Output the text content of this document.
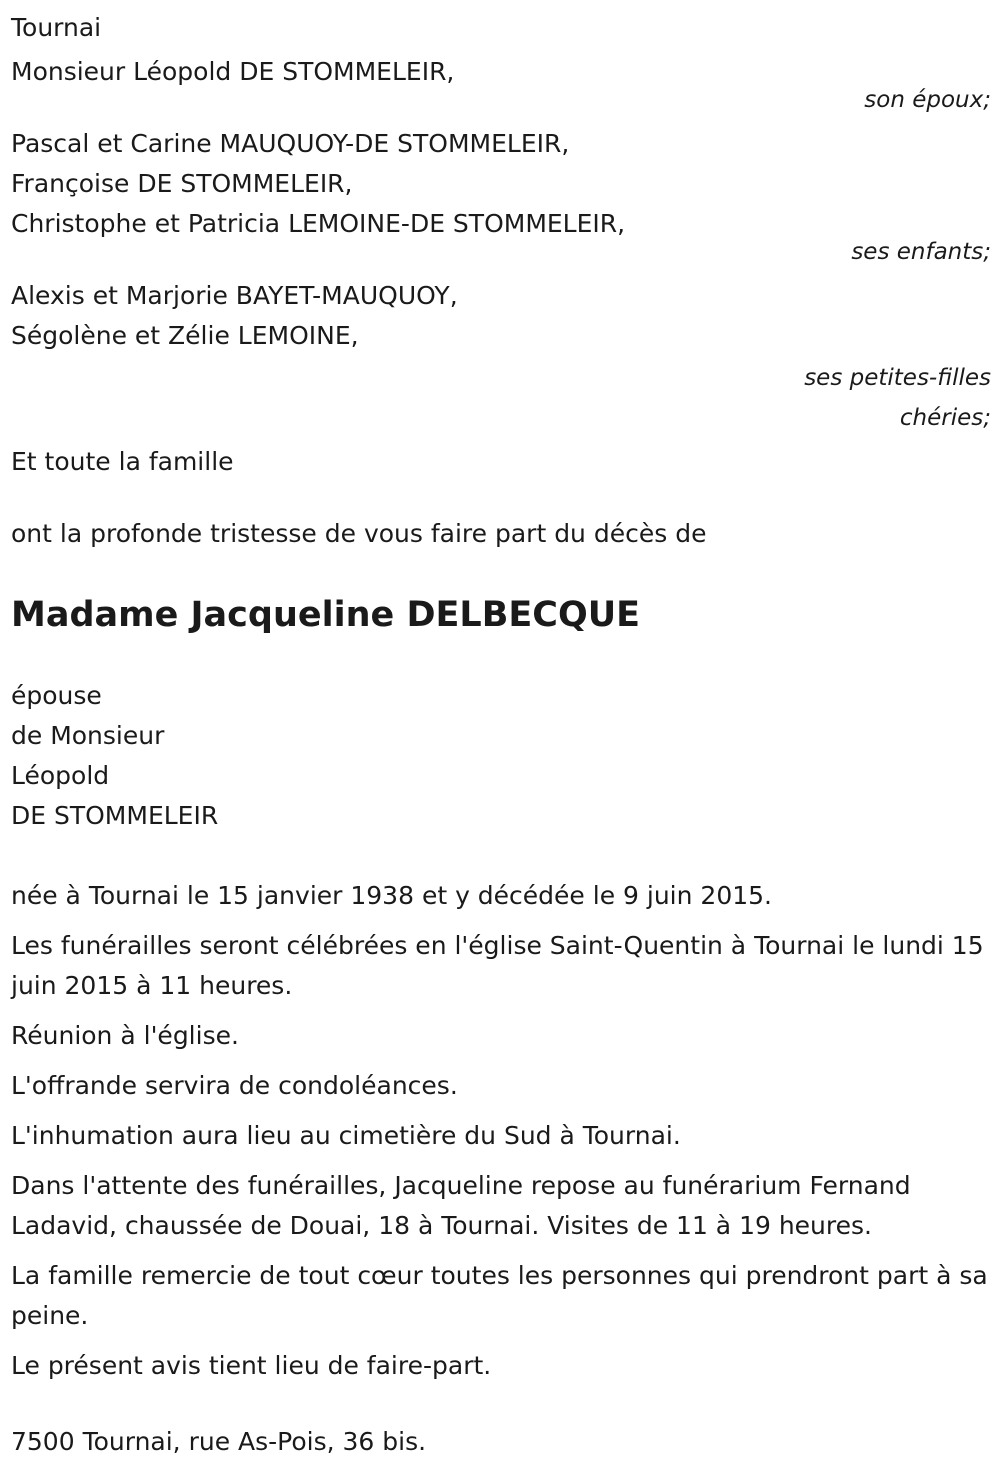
Tournai
Monsieur Léopold DE STOMMELEIR,
son époux;
Pascal et Carine MAUQUOY-DE STOMMELEIR,
Françoise DE STOMMELEIR,
Christophe et Patricia LEMOINE-DE STOMMELEIR,
ses enfants;
Alexis et Marjorie BAYET-MAUQUOY,
Ségolène et Zélie LEMOINE,
ses petites-filles
chéries;
Et toute la famille
ont la profonde tristesse de vous faire part du décès de
Madame Jacqueline DELBECQUE
épouse
de Monsieur
Léopold
DE STOMMELEIR
née à Tournai le 15 janvier 1938 et y décédée le 9 juin 2015.
Les funérailles seront célébrées en l'église Saint-Quentin à Tournai le lundi 15 juin 2015 à 11 heures.
Réunion à l'église.
L'offrande servira de condoléances.
L'inhumation aura lieu au cimetière du Sud à Tournai.
Dans l'attente des funérailles, Jacqueline repose au funérarium Fernand Ladavid, chaussée de Douai, 18 à Tournai. Visites de 11 à 19 heures.
La famille remercie de tout cœur toutes les personnes qui prendront part à sa peine.
Le présent avis tient lieu de faire-part.
7500 Tournai, rue As-Pois, 36 bis.
